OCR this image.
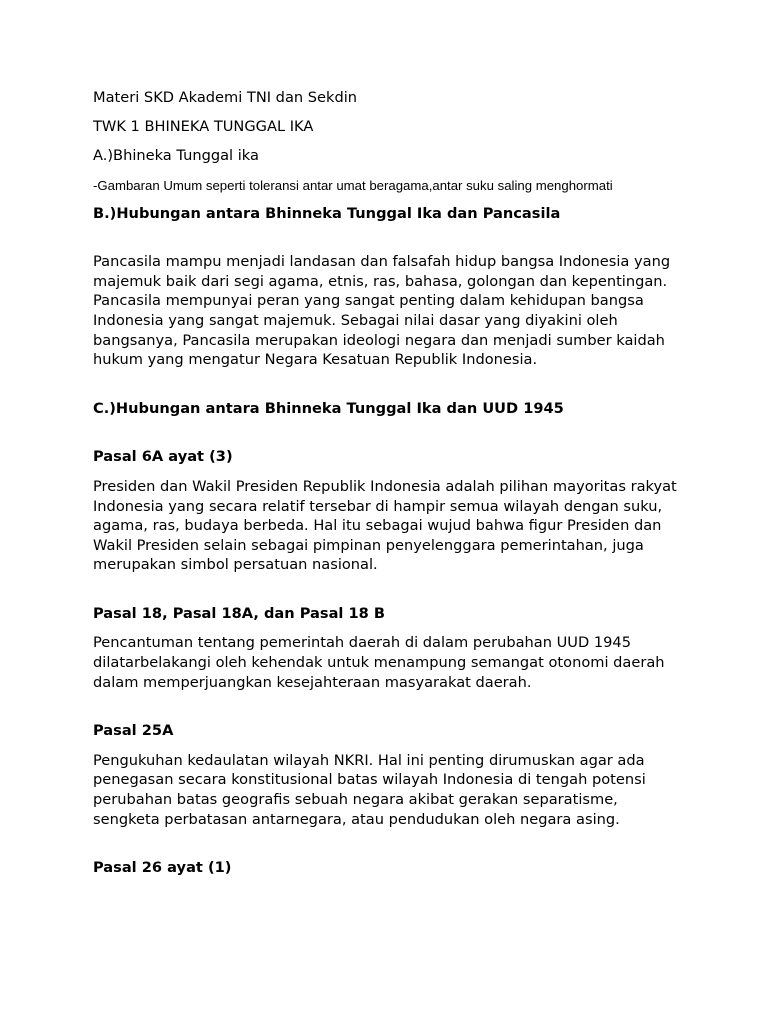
Materi SKD Akademi TNI dan Sekdin

TWK 1 BHINEKA TUNGGAL IKA

A.)Bhineka Tunggal ika

-Gambaran Umum seperti toleransi antar umat beragama,antar suku saling menghormati

B.)Hubungan antara Bhinneka Tunggal Ika dan Pancasila

Pancasila mampu menjadi landasan dan falsafah hidup bangsa Indonesia yang majemuk baik dari segi agama, etnis, ras, bahasa, golongan dan kepentingan. Pancasila mempunyai peran yang sangat penting dalam kehidupan bangsa Indonesia yang sangat majemuk. Sebagai nilai dasar yang diyakini oleh bangsanya, Pancasila merupakan ideologi negara dan menjadi sumber kaidah hukum yang mengatur Negara Kesatuan Republik Indonesia.

C.)Hubungan antara Bhinneka Tunggal Ika dan UUD 1945

Pasal 6A ayat (3)

Presiden dan Wakil Presiden Republik Indonesia adalah pilihan mayoritas rakyat Indonesia yang secara relatif tersebar di hampir semua wilayah dengan suku, agama, ras, budaya berbeda. Hal itu sebagai wujud bahwa figur Presiden dan Wakil Presiden selain sebagai pimpinan penyelenggara pemerintahan, juga merupakan simbol persatuan nasional.

Pasal 18, Pasal 18A, dan Pasal 18 B

Pencantuman tentang pemerintah daerah di dalam perubahan UUD 1945 dilatarbelakangi oleh kehendak untuk menampung semangat otonomi daerah dalam memperjuangkan kesejahteraan masyarakat daerah.

Pasal 25A

Pengukuhan kedaulatan wilayah NKRI. Hal ini penting dirumuskan agar ada penegasan secara konstitusional batas wilayah Indonesia di tengah potensi perubahan batas geografis sebuah negara akibat gerakan separatisme, sengketa perbatasan antarnegara, atau pendudukan oleh negara asing.

Pasal 26 ayat (1)
